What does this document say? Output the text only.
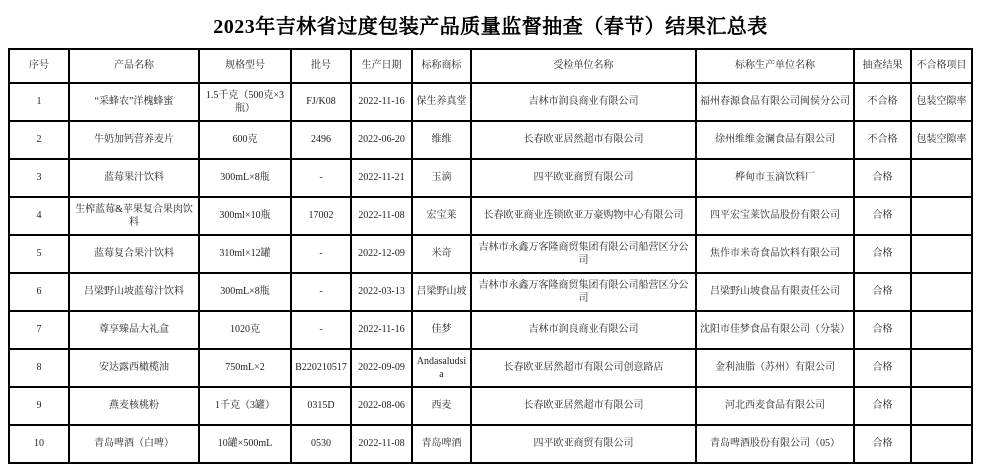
2023年吉林省过度包装产品质量监督抽查（春节）结果汇总表
序号	产品名称	规格型号	批号	生产日期	标称商标	受检单位名称	标称生产单位名称	抽查结果	不合格项目
1	“采蜂农”洋槐蜂蜜	1.5千克（500克×3瓶）	FJ/K08	2022-11-16	保生养真堂	吉林市润良商业有限公司	福州春源食品有限公司闽侯分公司	不合格	包装空隙率
2	牛奶加钙营养麦片	600克	2496	2022-06-20	维维	长春欧亚居然超市有限公司	徐州维维金澜食品有限公司	不合格	包装空隙率
3	蓝莓果汁饮料	300mL×8瓶	-	2022-11-21	玉滴	四平欧亚商贸有限公司	桦甸市玉滴饮料厂	合格	
4	生榨蓝莓&苹果复合果肉饮料	300ml×10瓶	17002	2022-11-08	宏宝莱	长春欧亚商业连锁欧亚万豪购物中心有限公司	四平宏宝莱饮品股份有限公司	合格	
5	蓝莓复合果汁饮料	310ml×12罐	-	2022-12-09	米奇	吉林市永鑫万客隆商贸集团有限公司船营区分公司	焦作市米奇食品饮料有限公司	合格	
6	吕梁野山坡蓝莓汁饮料	300mL×8瓶	-	2022-03-13	吕梁野山坡	吉林市永鑫万客隆商贸集团有限公司船营区分公司	吕梁野山坡食品有限责任公司	合格	
7	尊享臻品大礼盒	1020克	-	2022-11-16	佳梦	吉林市润良商业有限公司	沈阳市佳梦食品有限公司（分装）	合格	
8	安达露西橄榄油	750mL×2	B220210517	2022-09-09	Andasaludsia	长春欧亚居然超市有限公司创意路店	金利油脂（苏州）有限公司	合格	
9	燕麦核桃粉	1千克（3罐）	0315D	2022-08-06	西麦	长春欧亚居然超市有限公司	河北西麦食品有限公司	合格	
10	青岛啤酒（白啤）	10罐×500mL	0530	2022-11-08	青岛啤酒	四平欧亚商贸有限公司	青岛啤酒股份有限公司（05）	合格	
